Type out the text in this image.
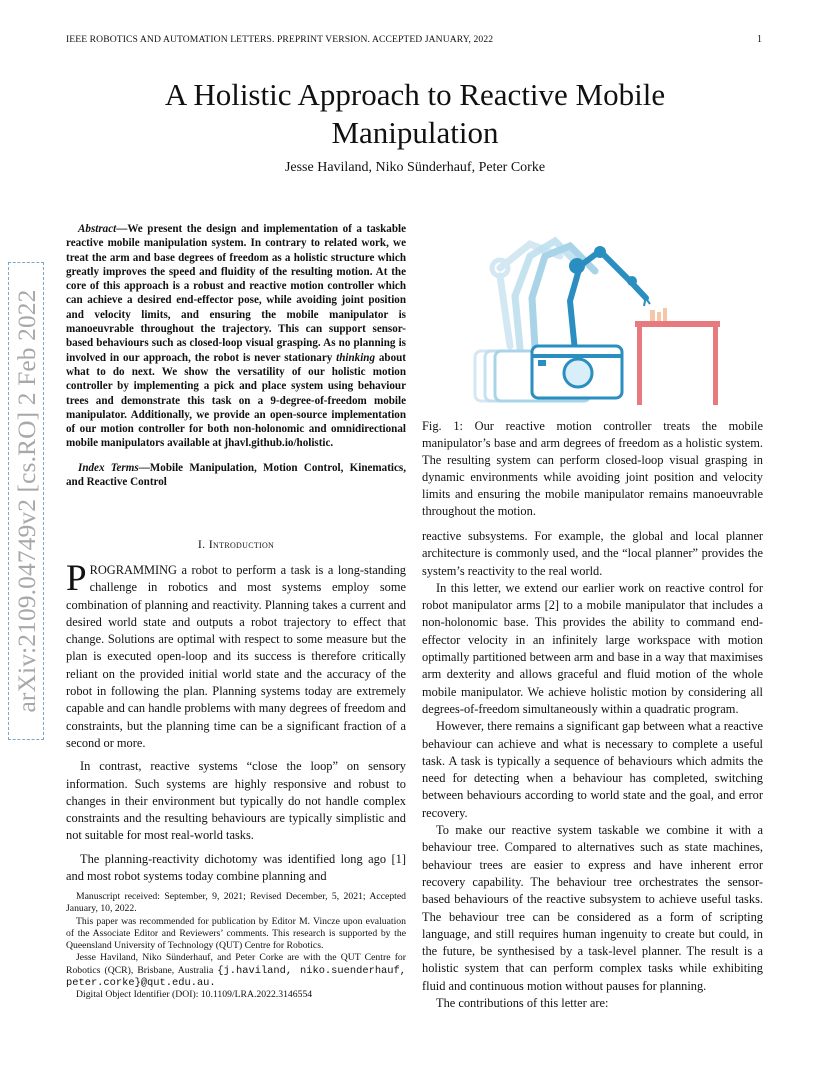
IEEE ROBOTICS AND AUTOMATION LETTERS. PREPRINT VERSION. ACCEPTED JANUARY, 2022	1
A Holistic Approach to Reactive Mobile
Manipulation
Jesse Haviland, Niko Sünderhauf, Peter Corke
arXiv:2109.04749v2 [cs.RO] 2 Feb 2022

Abstract—We present the design and implementation of a taskable reactive mobile manipulation system. In contrary to related work, we treat the arm and base degrees of freedom as a holistic structure which greatly improves the speed and fluidity of the resulting motion. At the core of this approach is a robust and reactive motion controller which can achieve a desired end-effector pose, while avoiding joint position and velocity limits, and ensuring the mobile manipulator is manoeuvrable throughout the trajectory. This can support sensor-based behaviours such as closed-loop visual grasping. As no planning is involved in our approach, the robot is never stationary thinking about what to do next. We show the versatility of our holistic motion controller by implementing a pick and place system using behaviour trees and demonstrate this task on a 9-degree-of-freedom mobile manipulator. Additionally, we provide an open-source implementation of our motion controller for both non-holonomic and omnidirectional mobile manipulators available at jhavl.github.io/holistic.

Index Terms—Mobile Manipulation, Motion Control, Kinematics, and Reactive Control

I. Introduction

PROGRAMMING a robot to perform a task is a long-standing challenge in robotics and most systems employ some combination of planning and reactivity. Planning takes a current and desired world state and outputs a robot trajectory to effect that change. Solutions are optimal with respect to some measure but the plan is executed open-loop and its success is therefore critically reliant on the provided initial world state and the accuracy of the robot in following the plan. Planning systems today are extremely capable and can handle problems with many degrees of freedom and constraints, but the planning time can be a significant fraction of a second or more.

In contrast, reactive systems “close the loop” on sensory information. Such systems are highly responsive and robust to changes in their environment but typically do not handle complex constraints and the resulting behaviours are typically simplistic and not suitable for most real-world tasks.

The planning-reactivity dichotomy was identified long ago [1] and most robot systems today combine planning and

Manuscript received: September, 9, 2021; Revised December, 5, 2021; Accepted January, 10, 2022.

This paper was recommended for publication by Editor M. Vincze upon evaluation of the Associate Editor and Reviewers’ comments. This research is supported by the Queensland University of Technology (QUT) Centre for Robotics.

Jesse Haviland, Niko Sünderhauf, and Peter Corke are with the QUT Centre for Robotics (QCR), Brisbane, Australia {j.haviland, niko.suenderhauf, peter.corke}@qut.edu.au.

Digital Object Identifier (DOI): 10.1109/LRA.2022.3146554

Fig. 1: Our reactive motion controller treats the mobile manipulator’s base and arm degrees of freedom as a holistic system. The resulting system can perform closed-loop visual grasping in dynamic environments while avoiding joint position and velocity limits and ensuring the mobile manipulator remains manoeuvrable throughout the motion.

reactive subsystems. For example, the global and local planner architecture is commonly used, and the “local planner” provides the system’s reactivity to the real world.

In this letter, we extend our earlier work on reactive control for robot manipulator arms [2] to a mobile manipulator that includes a non-holonomic base. This provides the ability to command end-effector velocity in an infinitely large workspace with motion optimally partitioned between arm and base in a way that maximises arm dexterity and allows graceful and fluid motion of the whole mobile manipulator. We achieve holistic motion by considering all degrees-of-freedom simultaneously within a quadratic program.

However, there remains a significant gap between what a reactive behaviour can achieve and what is necessary to complete a useful task. A task is typically a sequence of behaviours which admits the need for detecting when a behaviour has completed, switching between behaviours according to world state and the goal, and error recovery.

To make our reactive system taskable we combine it with a behaviour tree. Compared to alternatives such as state machines, behaviour trees are easier to express and have inherent error recovery capability. The behaviour tree orchestrates the sensor-based behaviours of the reactive subsystem to achieve useful tasks. The behaviour tree can be considered as a form of scripting language, and still requires human ingenuity to create but could, in the future, be synthesised by a task-level planner. The result is a holistic system that can perform complex tasks while exhibiting fluid and continuous motion without pauses for planning.

The contributions of this letter are:
